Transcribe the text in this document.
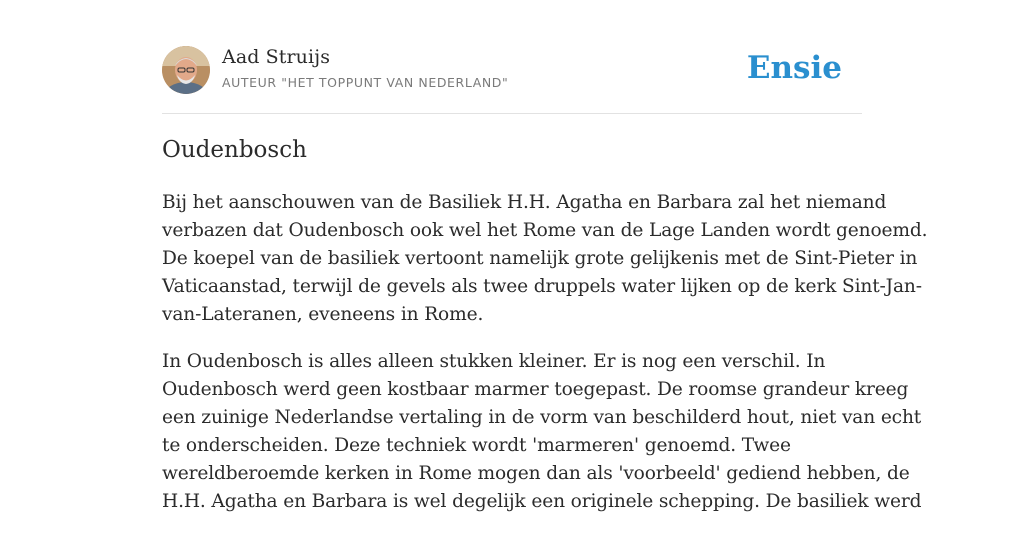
Aad Struijs
AUTEUR "HET TOPPUNT VAN NEDERLAND"	Ensie
Oudenbosch

Bij het aanschouwen van de Basiliek H.H. Agatha en Barbara zal het niemand
verbazen dat Oudenbosch ook wel het Rome van de Lage Landen wordt genoemd.
De koepel van de basiliek vertoont namelijk grote gelijkenis met de Sint-Pieter in
Vaticaanstad, terwijl de gevels als twee druppels water lijken op de kerk Sint-Jan-
van-Lateranen, eveneens in Rome.

In Oudenbosch is alles alleen stukken kleiner. Er is nog een verschil. In
Oudenbosch werd geen kostbaar marmer toegepast. De roomse grandeur kreeg
een zuinige Nederlandse vertaling in de vorm van beschilderd hout, niet van echt
te onderscheiden. Deze techniek wordt 'marmeren' genoemd. Twee
wereldberoemde kerken in Rome mogen dan als 'voorbeeld' gediend hebben, de
H.H. Agatha en Barbara is wel degelijk een originele schepping. De basiliek werd
